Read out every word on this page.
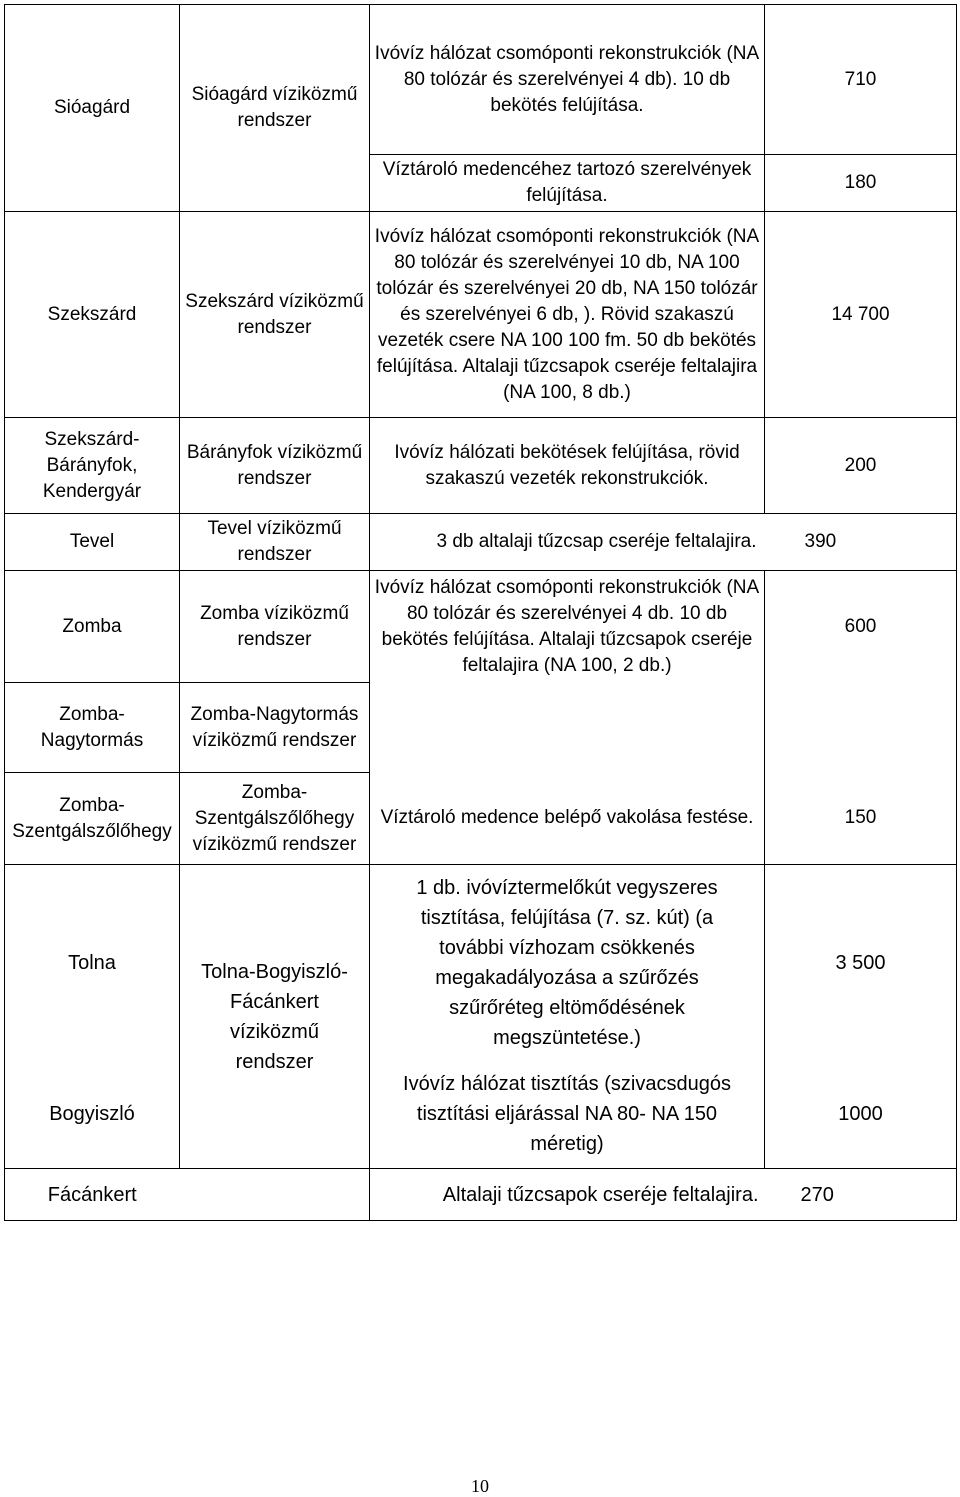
Sióagárd	Sióagárd víziközmű rendszer	Ivóvíz hálózat csomóponti rekonstrukciók (NA 80 tolózár és szerelvényei 4 db). 10 db bekötés felújítása.	710
		Víztároló medencéhez tartozó szerelvények felújítása.	180
Szekszárd	Szekszárd víziközmű rendszer	Ivóvíz hálózat csomóponti rekonstrukciók (NA 80 tolózár és szerelvényei 10 db, NA 100 tolózár és szerelvényei 20 db, NA 150 tolózár és szerelvényei 6 db, ). Rövid szakaszú vezeték csere NA 100 100 fm. 50 db bekötés felújítása. Altalaji tűzcsapok cseréje feltalajira (NA 100, 8 db.)	14 700
Szekszárd-Bárányfok, Kendergyár	Bárányfok víziközmű rendszer	Ivóvíz hálózati bekötések felújítása, rövid szakaszú vezeték rekonstrukciók.	200
Tevel	Tevel víziközmű rendszer	3 db altalaji tűzcsap cseréje feltalajira.	390
Zomba	Zomba víziközmű rendszer	Ivóvíz hálózat csomóponti rekonstrukciók (NA 80 tolózár és szerelvényei 4 db. 10 db bekötés felújítása. Altalaji tűzcsapok cseréje feltalajira (NA 100, 2 db.)	600
Zomba-Nagytormás	Zomba-Nagytormás víziközmű rendszer		
Zomba-Szentgálszőlőhegy	Zomba-Szentgálszőlőhegy víziközmű rendszer	Víztároló medence belépő vakolása festése.	150
Tolna	Tolna-Bogyiszló-Fácánkert víziközmű rendszer	1 db. ivóvíztermelőkút vegyszeres tisztítása, felújítása (7. sz. kút) (a további vízhozam csökkenés megakadályozása a szűrőzés szűrőréteg eltömődésének megszüntetése.)	3 500
Bogyiszló		Ivóvíz hálózat tisztítás (szivacsdugós tisztítási eljárással NA 80- NA 150 méretig)	1000
Fácánkert		Altalaji tűzcsapok cseréje feltalajira.	270
10
